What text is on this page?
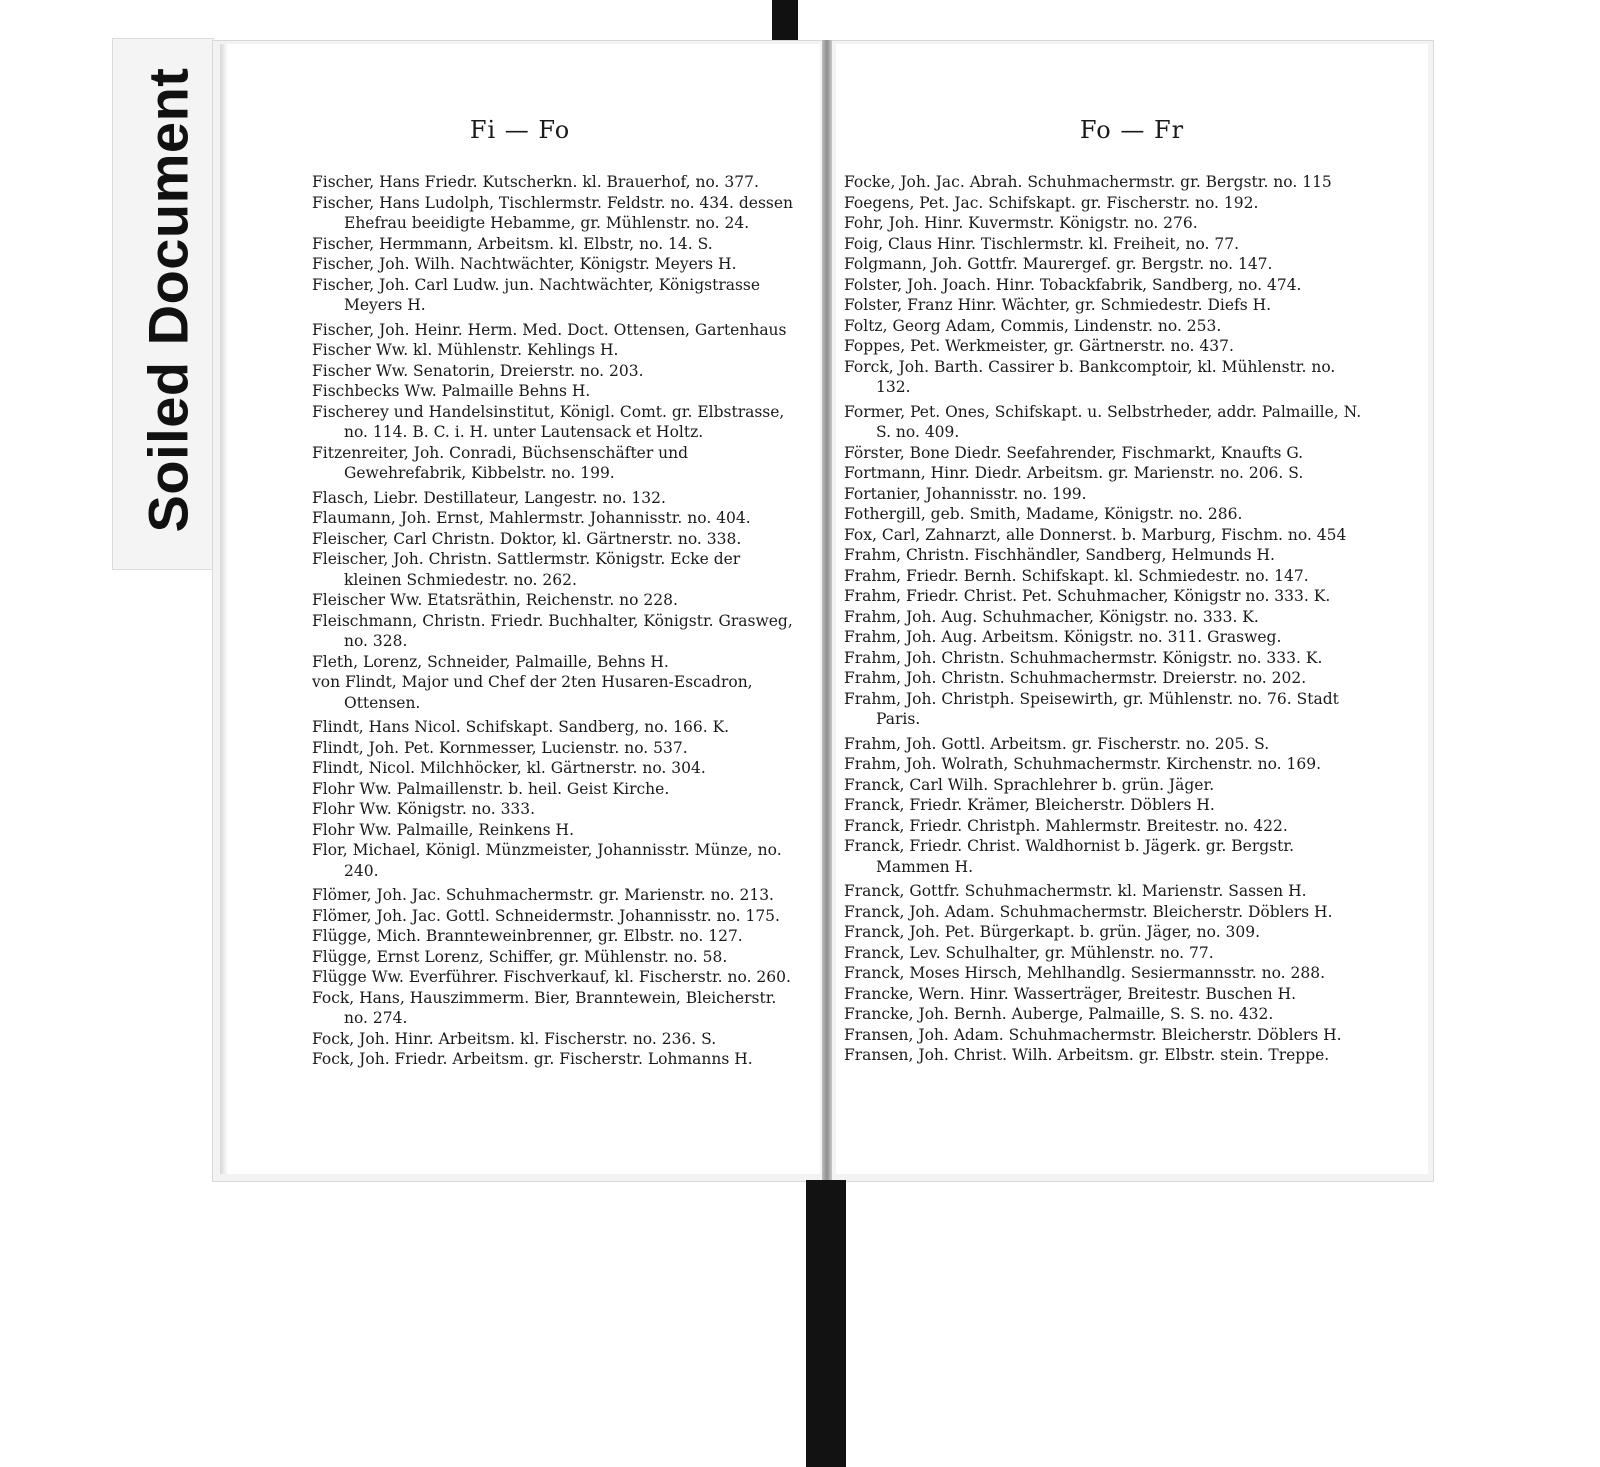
Soiled Document	Fi — Fo

Fischer, Hans Friedr. Kutscherkn. kl. Brauerhof, no. 377.

Fischer, Hans Ludolph, Tischlermstr. Feldstr. no. 434. dessen Ehefrau beeidigte Hebamme, gr. Mühlenstr. no. 24.

Fischer, Hermmann, Arbeitsm. kl. Elbstr, no. 14. S.

Fischer, Joh. Wilh. Nachtwächter, Königstr. Meyers H.

Fischer, Joh. Carl Ludw. jun. Nachtwächter, Königstrasse Meyers H.

Fischer, Joh. Heinr. Herm. Med. Doct. Ottensen, Gartenhaus

Fischer Ww. kl. Mühlenstr. Kehlings H.

Fischer Ww. Senatorin, Dreierstr. no. 203.

Fischbecks Ww. Palmaille Behns H.

Fischerey und Handelsinstitut, Königl. Comt. gr. Elbstrasse, no. 114. B. C. i. H. unter Lautensack et Holtz.

Fitzenreiter, Joh. Conradi, Büchsenschäfter und Gewehrefabrik, Kibbelstr. no. 199.

Flasch, Liebr. Destillateur, Langestr. no. 132.

Flaumann, Joh. Ernst, Mahlermstr. Johannisstr. no. 404.

Fleischer, Carl Christn. Doktor, kl. Gärtnerstr. no. 338.

Fleischer, Joh. Christn. Sattlermstr. Königstr. Ecke der kleinen Schmiedestr. no. 262.

Fleischer Ww. Etatsräthin, Reichenstr. no 228.

Fleischmann, Christn. Friedr. Buchhalter, Königstr. Grasweg, no. 328.

Fleth, Lorenz, Schneider, Palmaille, Behns H.

von Flindt, Major und Chef der 2ten Husaren-Escadron, Ottensen.

Flindt, Hans Nicol. Schifskapt. Sandberg, no. 166. K.

Flindt, Joh. Pet. Kornmesser, Lucienstr. no. 537.

Flindt, Nicol. Milchhöcker, kl. Gärtnerstr. no. 304.

Flohr Ww. Palmaillenstr. b. heil. Geist Kirche.

Flohr Ww. Königstr. no. 333.

Flohr Ww. Palmaille, Reinkens H.

Flor, Michael, Königl. Münzmeister, Johannisstr. Münze, no. 240.

Flömer, Joh. Jac. Schuhmachermstr. gr. Marienstr. no. 213.

Flömer, Joh. Jac. Gottl. Schneidermstr. Johannisstr. no. 175.

Flügge, Mich. Brannteweinbrenner, gr. Elbstr. no. 127.

Flügge, Ernst Lorenz, Schiffer, gr. Mühlenstr. no. 58.

Flügge Ww. Everführer. Fischverkauf, kl. Fischerstr. no. 260.

Fock, Hans, Hauszimmerm. Bier, Branntewein, Bleicherstr. no. 274.

Fock, Joh. Hinr. Arbeitsm. kl. Fischerstr. no. 236. S.

Fock, Joh. Friedr. Arbeitsm. gr. Fischerstr. Lohmanns H.

Fo — Fr

Focke, Joh. Jac. Abrah. Schuhmachermstr. gr. Bergstr. no. 115

Foegens, Pet. Jac. Schifskapt. gr. Fischerstr. no. 192.

Fohr, Joh. Hinr. Kuvermstr. Königstr. no. 276.

Foig, Claus Hinr. Tischlermstr. kl. Freiheit, no. 77.

Folgmann, Joh. Gottfr. Maurergef. gr. Bergstr. no. 147.

Folster, Joh. Joach. Hinr. Tobackfabrik, Sandberg, no. 474.

Folster, Franz Hinr. Wächter, gr. Schmiedestr. Diefs H.

Foltz, Georg Adam, Commis, Lindenstr. no. 253.

Foppes, Pet. Werkmeister, gr. Gärtnerstr. no. 437.

Forck, Joh. Barth. Cassirer b. Bankcomptoir, kl. Mühlenstr. no. 132.

Former, Pet. Ones, Schifskapt. u. Selbstrheder, addr. Palmaille, N. S. no. 409.

Förster, Bone Diedr. Seefahrender, Fischmarkt, Knaufts G.

Fortmann, Hinr. Diedr. Arbeitsm. gr. Marienstr. no. 206. S.

Fortanier, Johannisstr. no. 199.

Fothergill, geb. Smith, Madame, Königstr. no. 286.

Fox, Carl, Zahnarzt, alle Donnerst. b. Marburg, Fischm. no. 454

Frahm, Christn. Fischhändler, Sandberg, Helmunds H.

Frahm, Friedr. Bernh. Schifskapt. kl. Schmiedestr. no. 147.

Frahm, Friedr. Christ. Pet. Schuhmacher, Königstr no. 333. K.

Frahm, Joh. Aug. Schuhmacher, Königstr. no. 333. K.

Frahm, Joh. Aug. Arbeitsm. Königstr. no. 311. Grasweg.

Frahm, Joh. Christn. Schuhmachermstr. Königstr. no. 333. K.

Frahm, Joh. Christn. Schuhmachermstr. Dreierstr. no. 202.

Frahm, Joh. Christph. Speisewirth, gr. Mühlenstr. no. 76. Stadt Paris.

Frahm, Joh. Gottl. Arbeitsm. gr. Fischerstr. no. 205. S.

Frahm, Joh. Wolrath, Schuhmachermstr. Kirchenstr. no. 169.

Franck, Carl Wilh. Sprachlehrer b. grün. Jäger.

Franck, Friedr. Krämer, Bleicherstr. Döblers H.

Franck, Friedr. Christph. Mahlermstr. Breitestr. no. 422.

Franck, Friedr. Christ. Waldhornist b. Jägerk. gr. Bergstr. Mammen H.

Franck, Gottfr. Schuhmachermstr. kl. Marienstr. Sassen H.

Franck, Joh. Adam. Schuhmachermstr. Bleicherstr. Döblers H.

Franck, Joh. Pet. Bürgerkapt. b. grün. Jäger, no. 309.

Franck, Lev. Schulhalter, gr. Mühlenstr. no. 77.

Franck, Moses Hirsch, Mehlhandlg. Sesiermannsstr. no. 288.

Francke, Wern. Hinr. Wasserträger, Breitestr. Buschen H.

Francke, Joh. Bernh. Auberge, Palmaille, S. S. no. 432.

Fransen, Joh. Adam. Schuhmachermstr. Bleicherstr. Döblers H.

Fransen, Joh. Christ. Wilh. Arbeitsm. gr. Elbstr. stein. Treppe.
